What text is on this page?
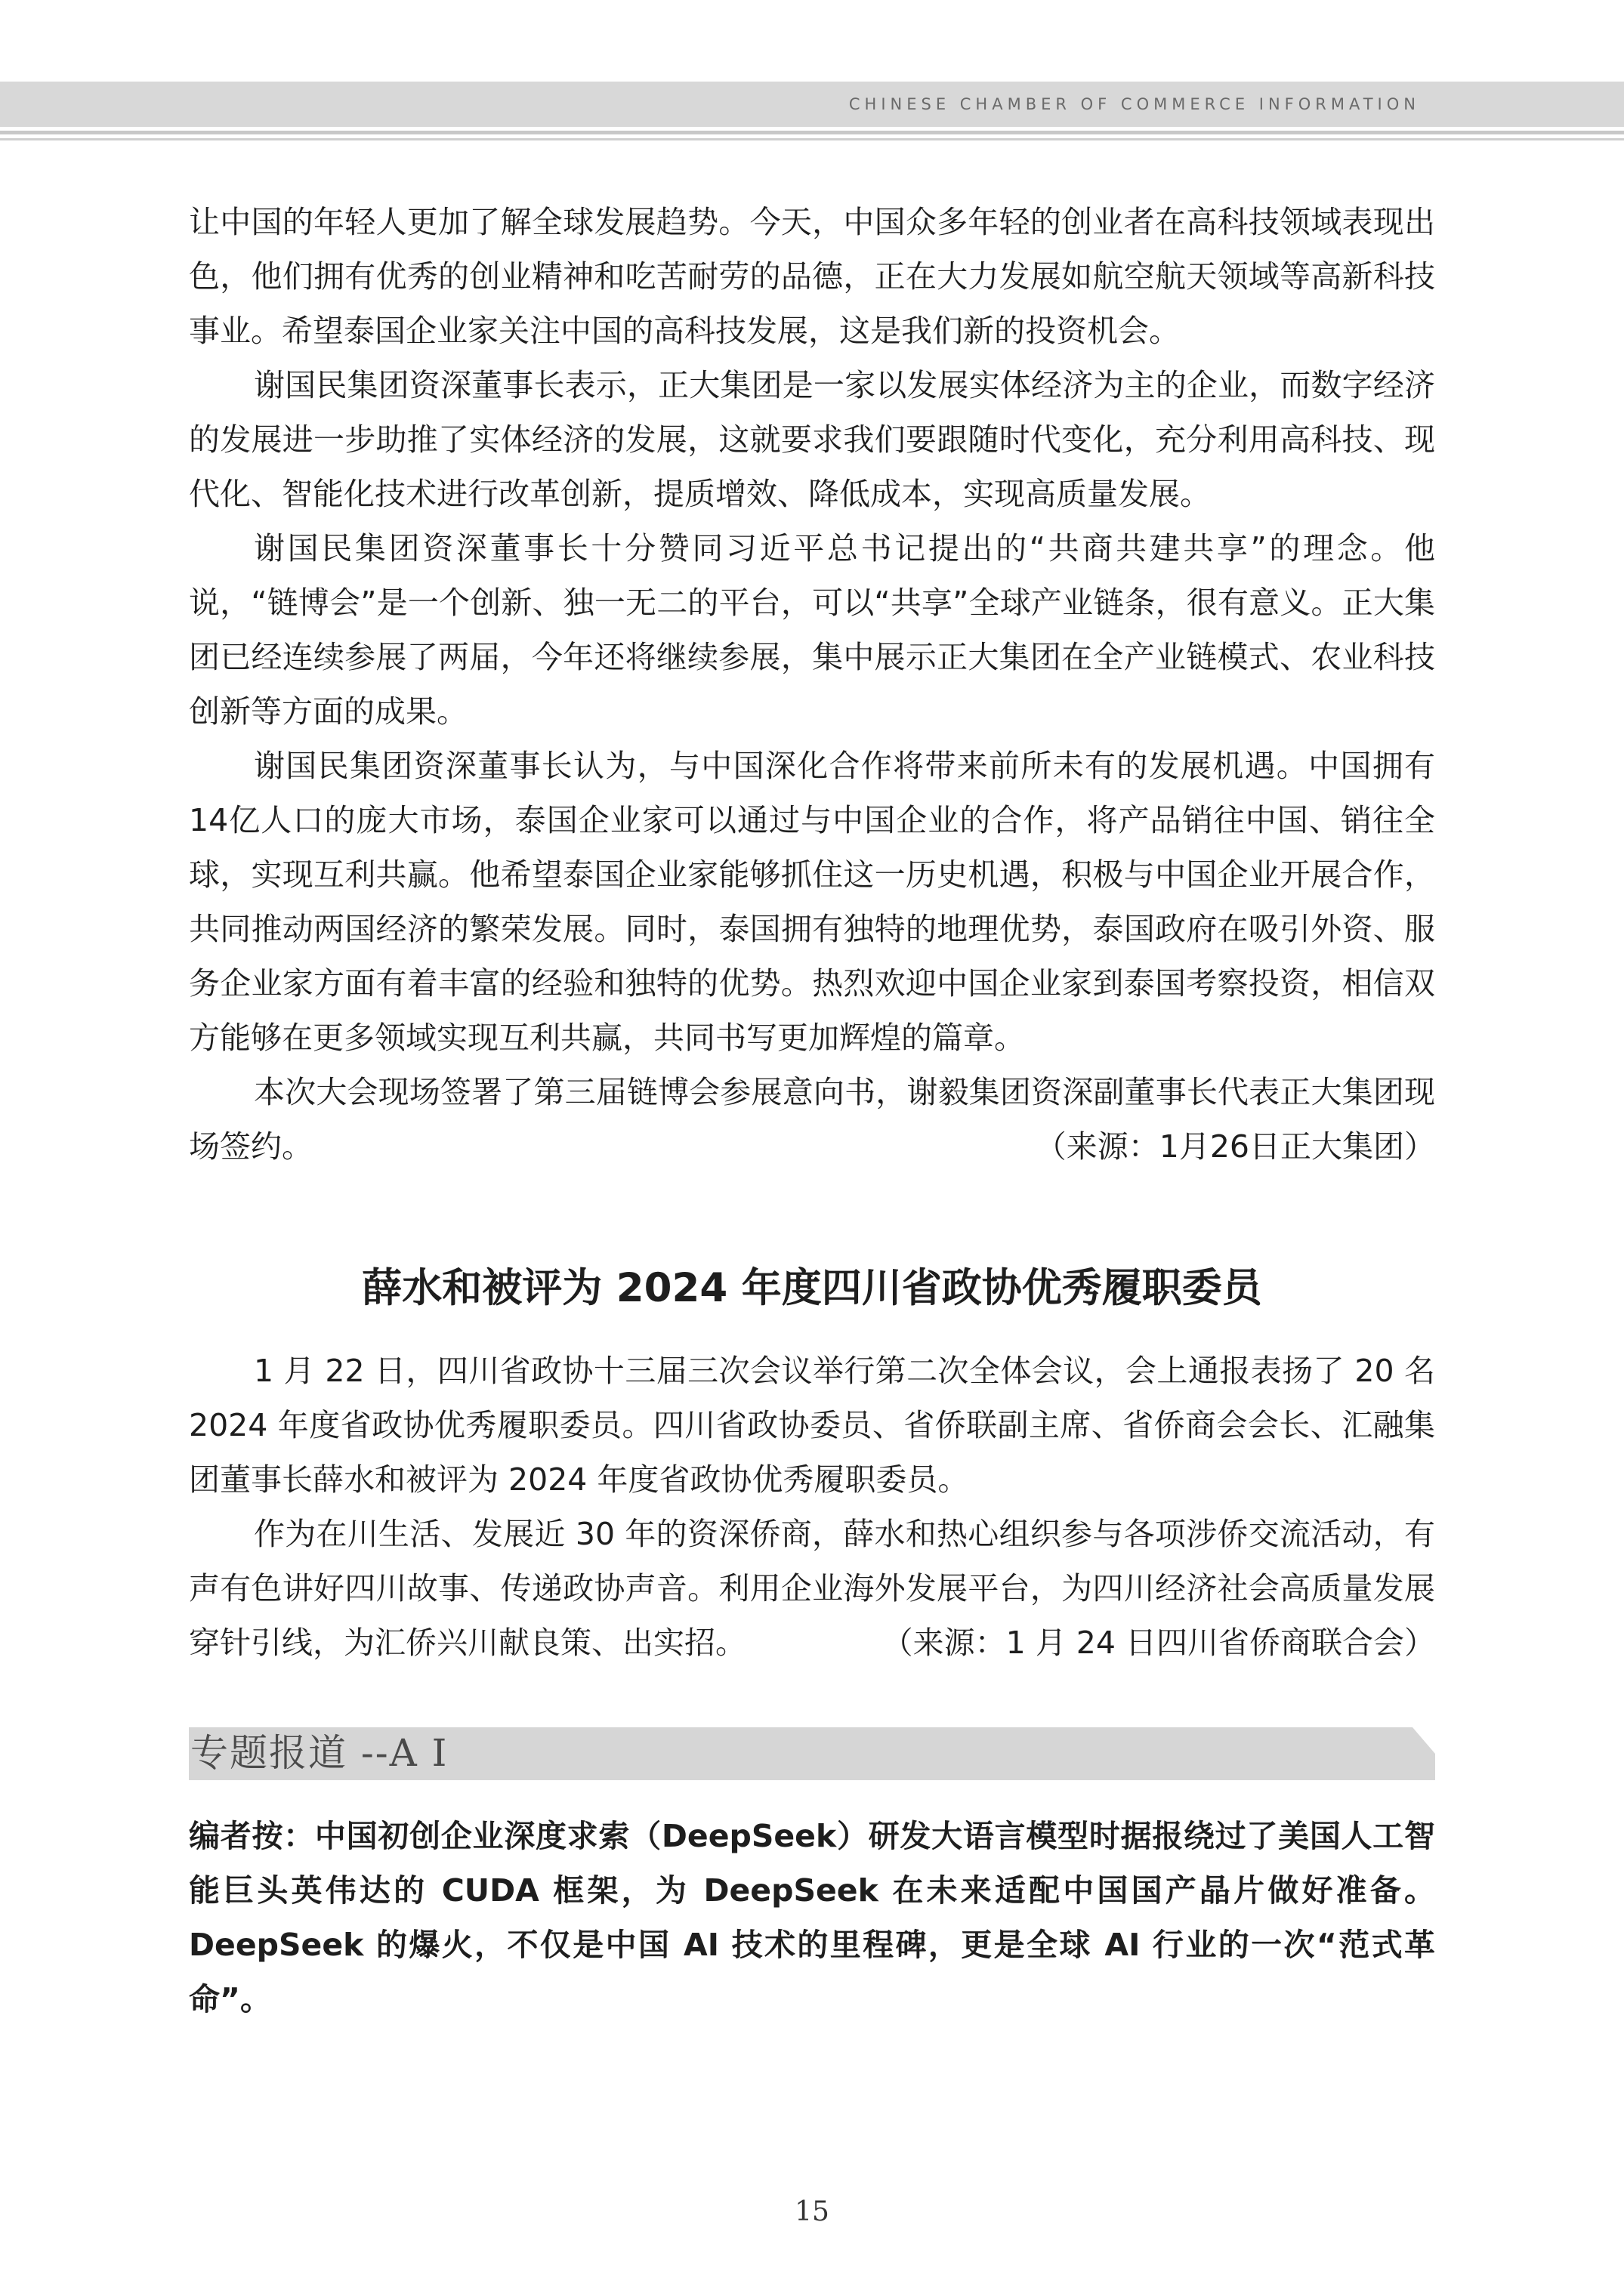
CHINESE CHAMBER OF COMMERCE INFORMATION

让中国的年轻人更加了解全球发展趋势。今天，中国众多年轻的创业者在高科技领域表现出色，他们拥有优秀的创业精神和吃苦耐劳的品德，正在大力发展如航空航天领域等高新科技事业。希望泰国企业家关注中国的高科技发展，这是我们新的投资机会。

谢国民集团资深董事长表示，正大集团是一家以发展实体经济为主的企业，而数字经济的发展进一步助推了实体经济的发展，这就要求我们要跟随时代变化，充分利用高科技、现代化、智能化技术进行改革创新，提质增效、降低成本，实现高质量发展。

谢国民集团资深董事长十分赞同习近平总书记提出的“共商共建共享”的理念。他说，“链博会”是一个创新、独一无二的平台，可以“共享”全球产业链条，很有意义。正大集团已经连续参展了两届，今年还将继续参展，集中展示正大集团在全产业链模式、农业科技创新等方面的成果。

谢国民集团资深董事长认为，与中国深化合作将带来前所未有的发展机遇。中国拥有14亿人口的庞大市场，泰国企业家可以通过与中国企业的合作，将产品销往中国、销往全球，实现互利共赢。他希望泰国企业家能够抓住这一历史机遇，积极与中国企业开展合作，共同推动两国经济的繁荣发展。同时，泰国拥有独特的地理优势，泰国政府在吸引外资、服务企业家方面有着丰富的经验和独特的优势。热烈欢迎中国企业家到泰国考察投资，相信双方能够在更多领域实现互利共赢，共同书写更加辉煌的篇章。

本次大会现场签署了第三届链博会参展意向书，谢毅集团资深副董事长代表正大集团现场签约。	（来源：1月26日正大集团）
薛水和被评为 2024 年度四川省政协优秀履职委员

1 月 22 日，四川省政协十三届三次会议举行第二次全体会议，会上通报表扬了 20 名 2024 年度省政协优秀履职委员。四川省政协委员、省侨联副主席、省侨商会会长、汇融集团董事长薛水和被评为 2024 年度省政协优秀履职委员。

作为在川生活、发展近 30 年的资深侨商，薛水和热心组织参与各项涉侨交流活动，有声有色讲好四川故事、传递政协声音。利用企业海外发展平台，为四川经济社会高质量发展穿针引线，为汇侨兴川献良策、出实招。	（来源：1 月 24 日四川省侨商联合会）

专题报道 --A I

编者按：中国初创企业深度求索（DeepSeek）研发大语言模型时据报绕过了美国人工智能巨头英伟达的 CUDA 框架，为 DeepSeek 在未来适配中国国产晶片做好准备。DeepSeek 的爆火，不仅是中国 AI 技术的里程碑，更是全球 AI 行业的一次“范式革命”。

15
